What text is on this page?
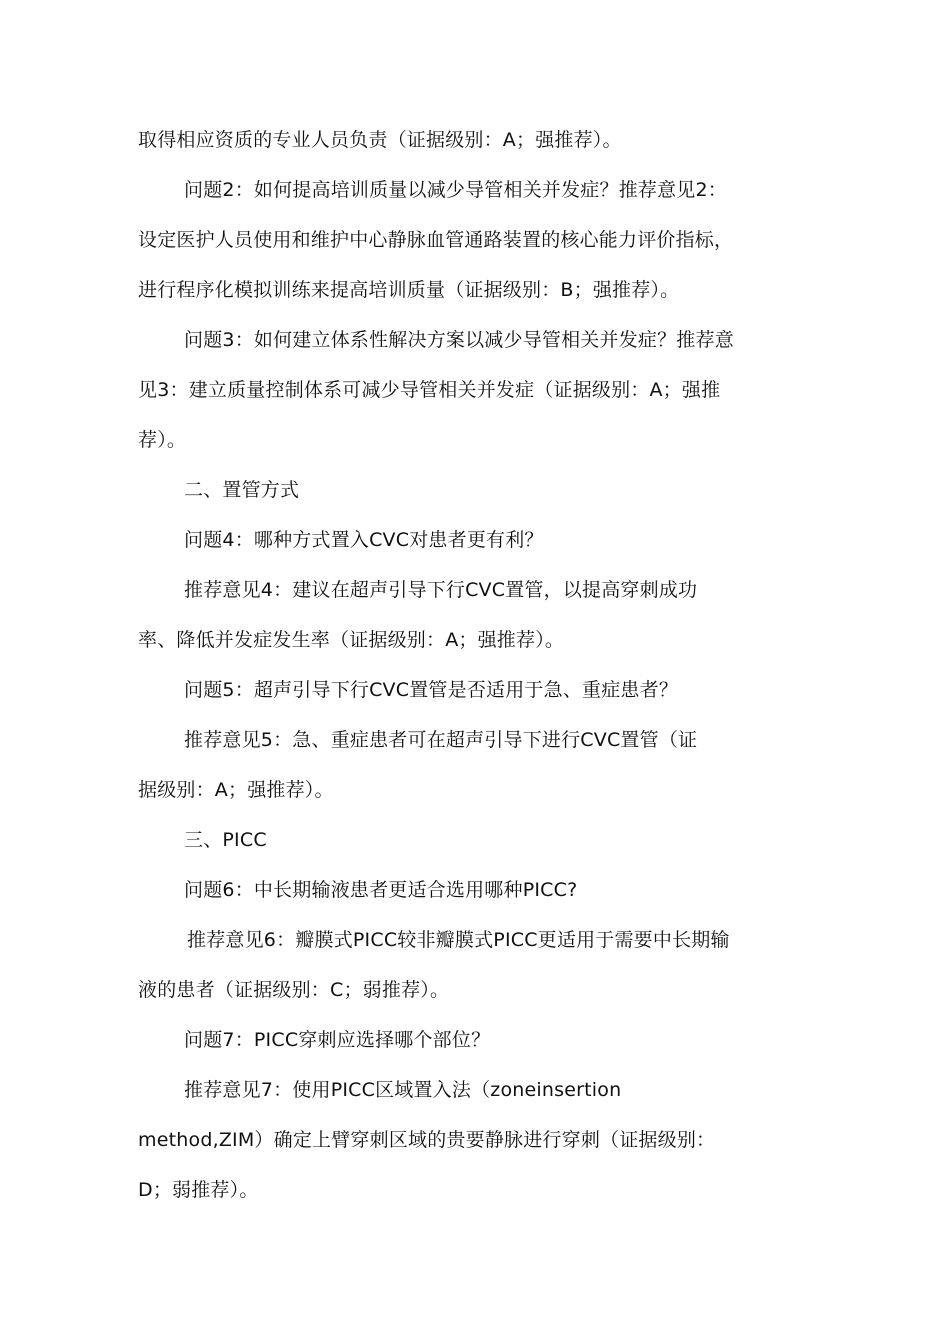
取得相应资质的专业人员负责（证据级别：A；强推荐）。
问题2：如何提高培训质量以减少导管相关并发症？推荐意见2：
设定医护人员使用和维护中心静脉血管通路装置的核心能力评价指标，
进行程序化模拟训练来提高培训质量（证据级别：B；强推荐）。
问题3：如何建立体系性解决方案以减少导管相关并发症？推荐意
见3：建立质量控制体系可减少导管相关并发症（证据级别：A；强推
荐）。
二、置管方式
问题4：哪种方式置入CVC对患者更有利？
推荐意见4：建议在超声引导下行CVC置管，以提高穿刺成功
率、降低并发症发生率（证据级别：A；强推荐）。
问题5：超声引导下行CVC置管是否适用于急、重症患者？
推荐意见5：急、重症患者可在超声引导下进行CVC置管（证
据级别：A；强推荐）。
三、PICC
问题6：中长期输液患者更适合选用哪种PICC?
推荐意见6：瓣膜式PICC较非瓣膜式PICC更适用于需要中长期输
液的患者（证据级别：C；弱推荐）。
问题7：PICC穿刺应选择哪个部位？
推荐意见7：使用PICC区域置入法（zoneinsertion
method,ZIM）确定上臂穿刺区域的贵要静脉进行穿刺（证据级别：
D；弱推荐）。
